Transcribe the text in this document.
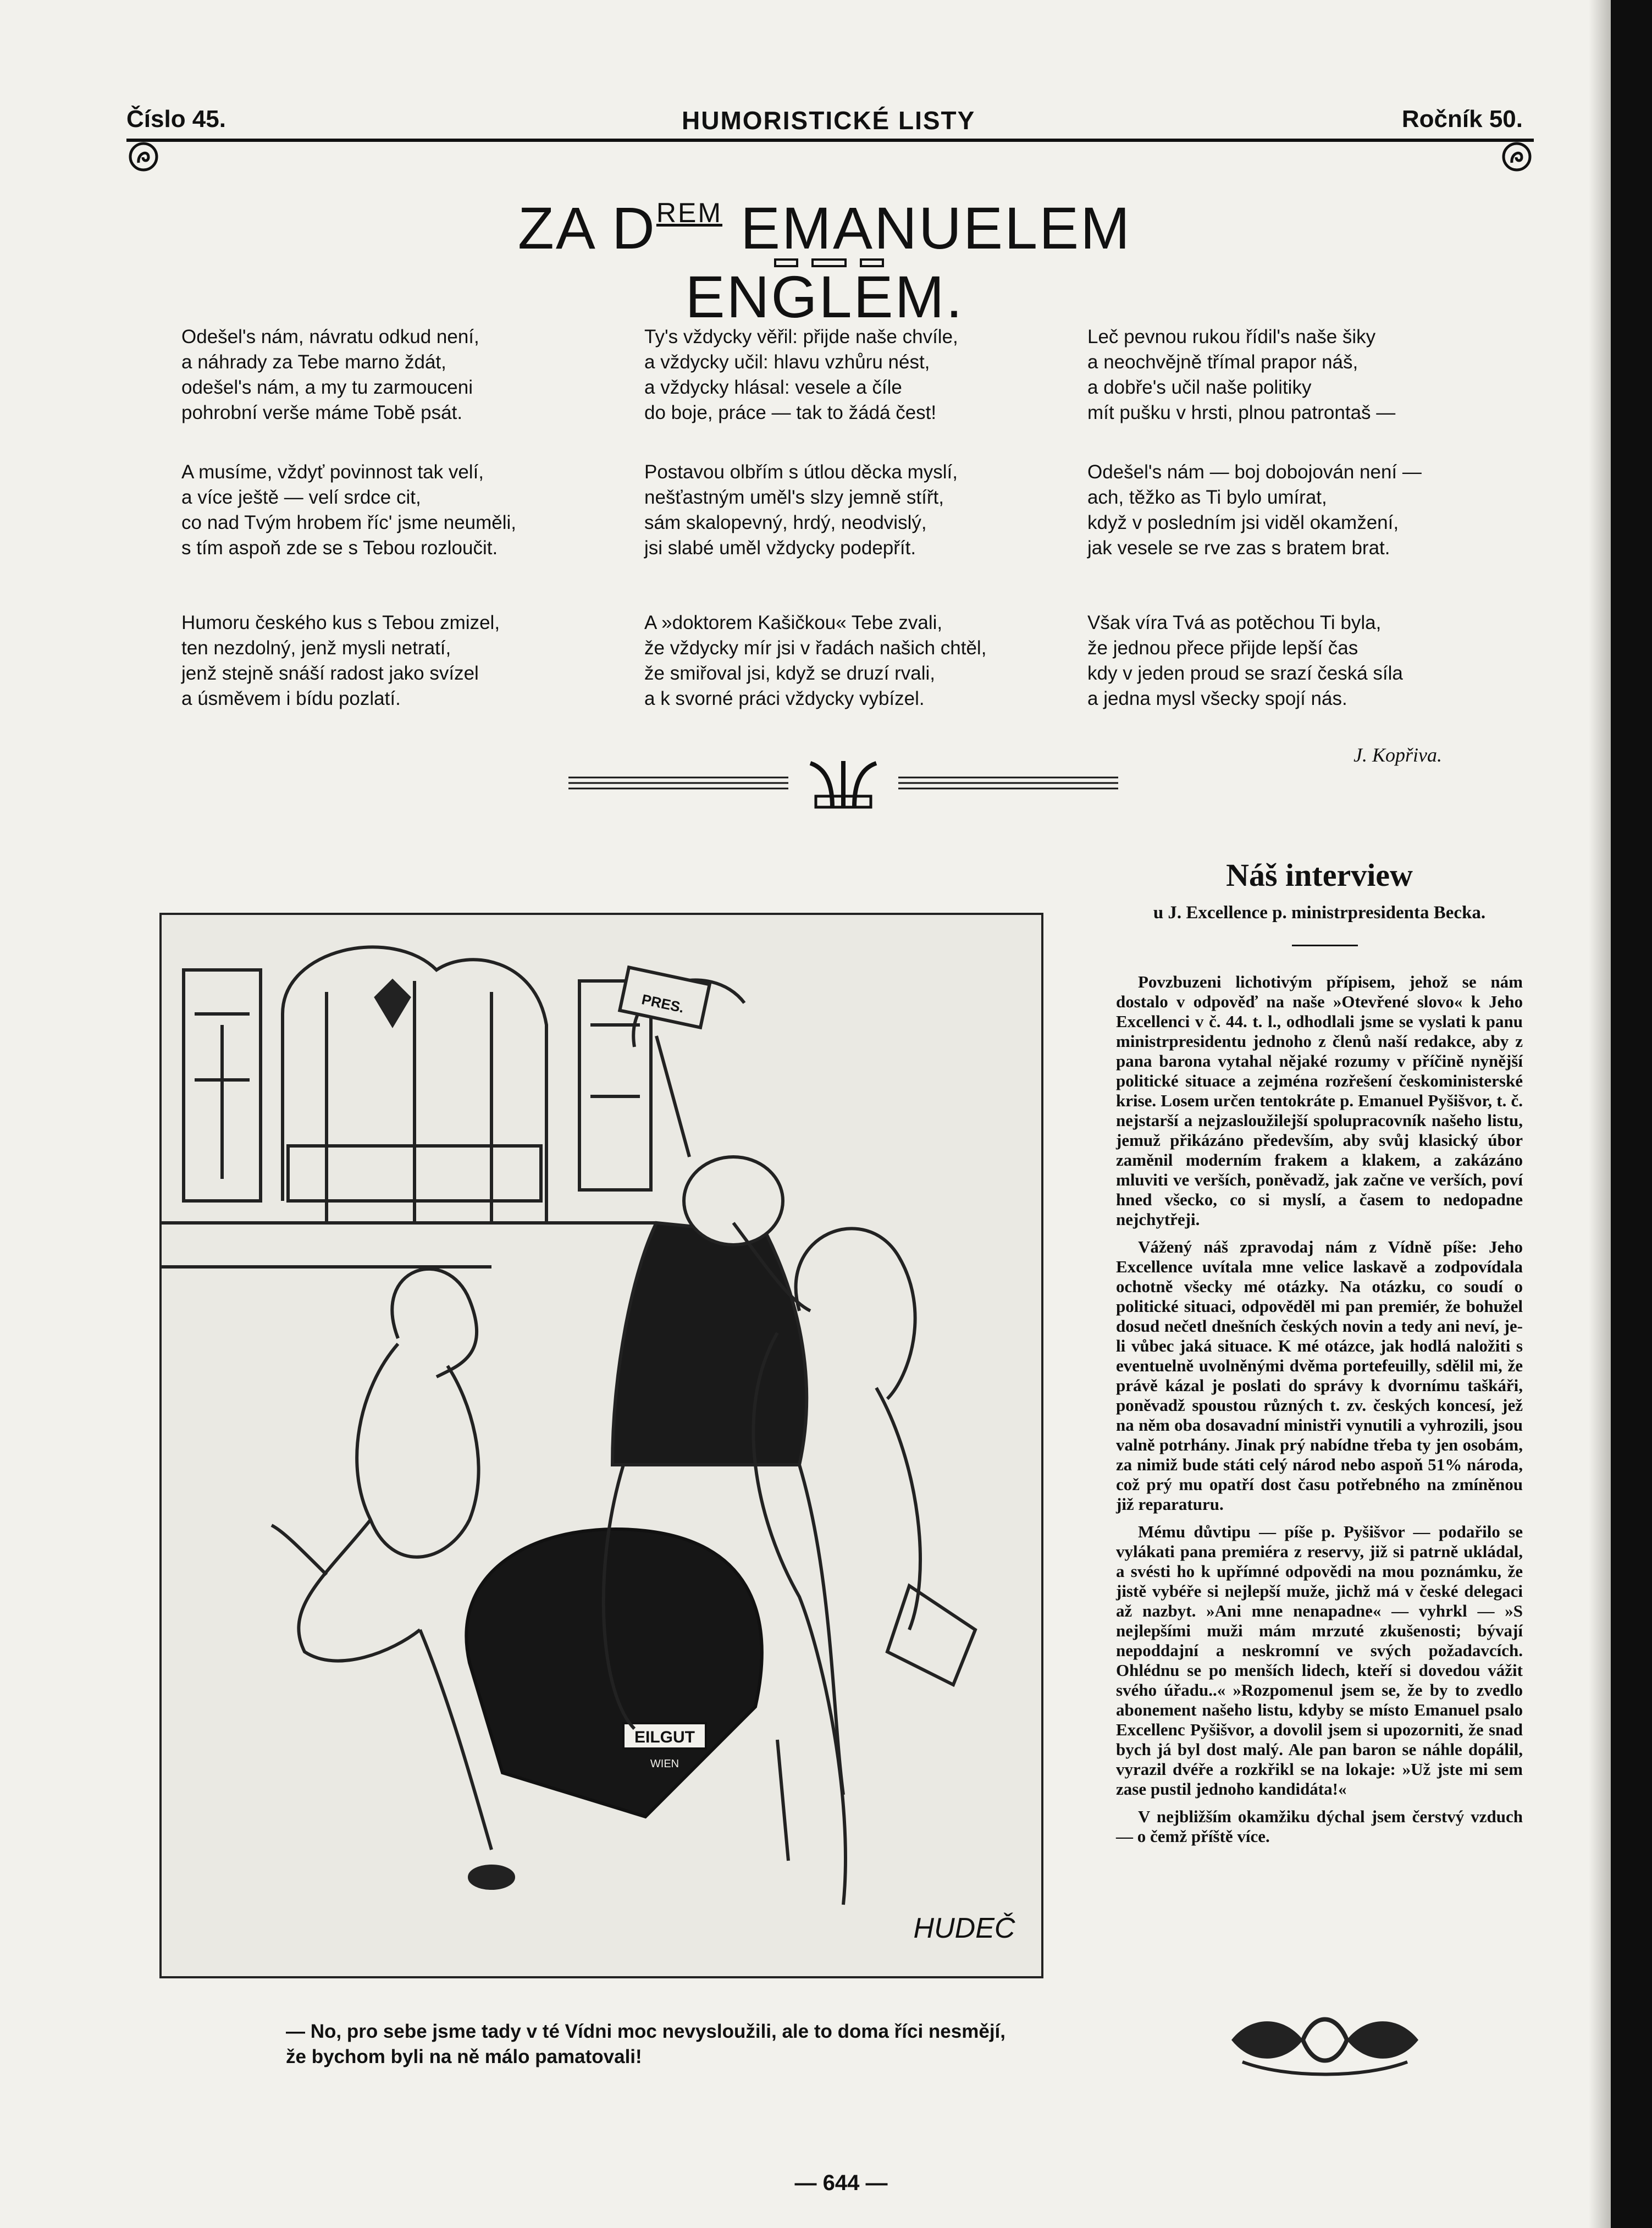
Číslo 45.	HUMORISTICKÉ LISTY	Ročník 50.
ZA $D^{REM}$ EMANUELEM ENGLEM.
Odešel's nám, návratu odkud není,
a náhrady za Tebe marno ždát,
odešel's nám, a my tu zarmouceni
pohrobní verše máme Tobě psát.
A musíme, vždyť povinnost tak velí,
a více ještě — velí srdce cit,
co nad Tvým hrobem říc' jsme neuměli,
s tím aspoň zde se s Tebou rozloučit.
Humoru českého kus s Tebou zmizel,
ten nezdolný, jenž mysli netratí,
jenž stejně snáší radost jako svízel
a úsměvem i bídu pozlatí.
Ty's vždycky věřil: přijde naše chvíle,
a vždycky učil: hlavu vzhůru nést,
a vždycky hlásal: vesele a číle
do boje, práce — tak to žádá čest!
Postavou olbřím s útlou děcka myslí,
nešťastným uměl's slzy jemně stířt,
sám skalopevný, hrdý, neodvislý,
jsi slabé uměl vždycky podepřít.
A »doktorem Kašičkou« Tebe zvali,
že vždycky mír jsi v řadách našich chtěl,
že smiřoval jsi, když se druzí rvali,
a k svorné práci vždycky vybízel.
Leč pevnou rukou řídil's naše šiky
a neochvějně třímal prapor náš,
a dobře's učil naše politiky
mít pušku v hrsti, plnou patrontaš —
Odešel's nám — boj dobojován není —
ach, těžko as Ti bylo umírat,
když v posledním jsi viděl okamžení,
jak vesele se rve zas s bratem brat.
Však víra Tvá as potěchou Ti byla,
že jednou přece přijde lepší čas
kdy v jeden proud se srazí česká síla
a jedna mysl všecky spojí nás.
J. Kopřiva.
EILGUT
WIEN
PRES.
HUDEČ
— No, pro sebe jsme tady v té Vídni moc nevysloužili, ale to doma říci nesmějí, že bychom byli na ně málo pamatovali!
Náš interview
u J. Excellence p. ministrpresidenta Becka.

Povzbuzeni lichotivým přípisem, jehož se nám dostalo v odpověď na naše »Otevřené slovo« k Jeho Excellenci v č. 44. t. l., odhodlali jsme se vyslati k panu ministrpresidentu jednoho z členů naší redakce, aby z pana barona vytahal nějaké rozumy v příčině nynější politické situace a zejména rozřešení českoministerské krise. Losem určen tentokráte p. Emanuel Pyšišvor, t. č. nejstarší a nejzasloužilejší spolupracovník našeho listu, jemuž přikázáno především, aby svůj klasický úbor zaměnil moderním frakem a klakem, a zakázáno mluviti ve verších, poněvadž, jak začne ve verších, poví hned všecko, co si myslí, a časem to nedopadne nejchytřeji.

Vážený náš zpravodaj nám z Vídně píše: Jeho Excellence uvítala mne velice laskavě a zodpovídala ochotně všecky mé otázky. Na otázku, co soudí o politické situaci, odpověděl mi pan premiér, že bohužel dosud nečetl dnešních českých novin a tedy ani neví, je-li vůbec jaká situace. K mé otázce, jak hodlá naložiti s eventuelně uvolněnými dvěma portefeuilly, sdělil mi, že právě kázal je poslati do správy k dvornímu taškáři, poněvadž spoustou různých t. zv. českých koncesí, jež na něm oba dosavadní ministři vynutili a vyhrozili, jsou valně potrhány. Jinak prý nabídne třeba ty jen osobám, za nimiž bude státi celý národ nebo aspoň 51% národa, což prý mu opatří dost času potřebného na zmíněnou již reparaturu.

Mému důvtipu — píše p. Pyšišvor — podařilo se vylákati pana premiéra z reservy, již si patrně ukládal, a svésti ho k upřímné odpovědi na mou poznámku, že jistě vybéře si nejlepší muže, jichž má v české delegaci až nazbyt. »Ani mne nenapadne« — vyhrkl — »S nejlepšími muži mám mrzuté zkušenosti; bývají nepoddajní a neskromní ve svých požadavcích. Ohlédnu se po menších lidech, kteří si dovedou vážit svého úřadu..« »Rozpomenul jsem se, že by to zvedlo abonement našeho listu, kdyby se místo Emanuel psalo Excellenc Pyšišvor, a dovolil jsem si upozorniti, že snad bych já byl dost malý. Ale pan baron se náhle dopálil, vyrazil dvéře a rozkřikl se na lokaje: »Už jste mi sem zase pustil jednoho kandidáta!«

V nejbližším okamžiku dýchal jsem čerstvý vzduch — o čemž příště více.

— 644 —
